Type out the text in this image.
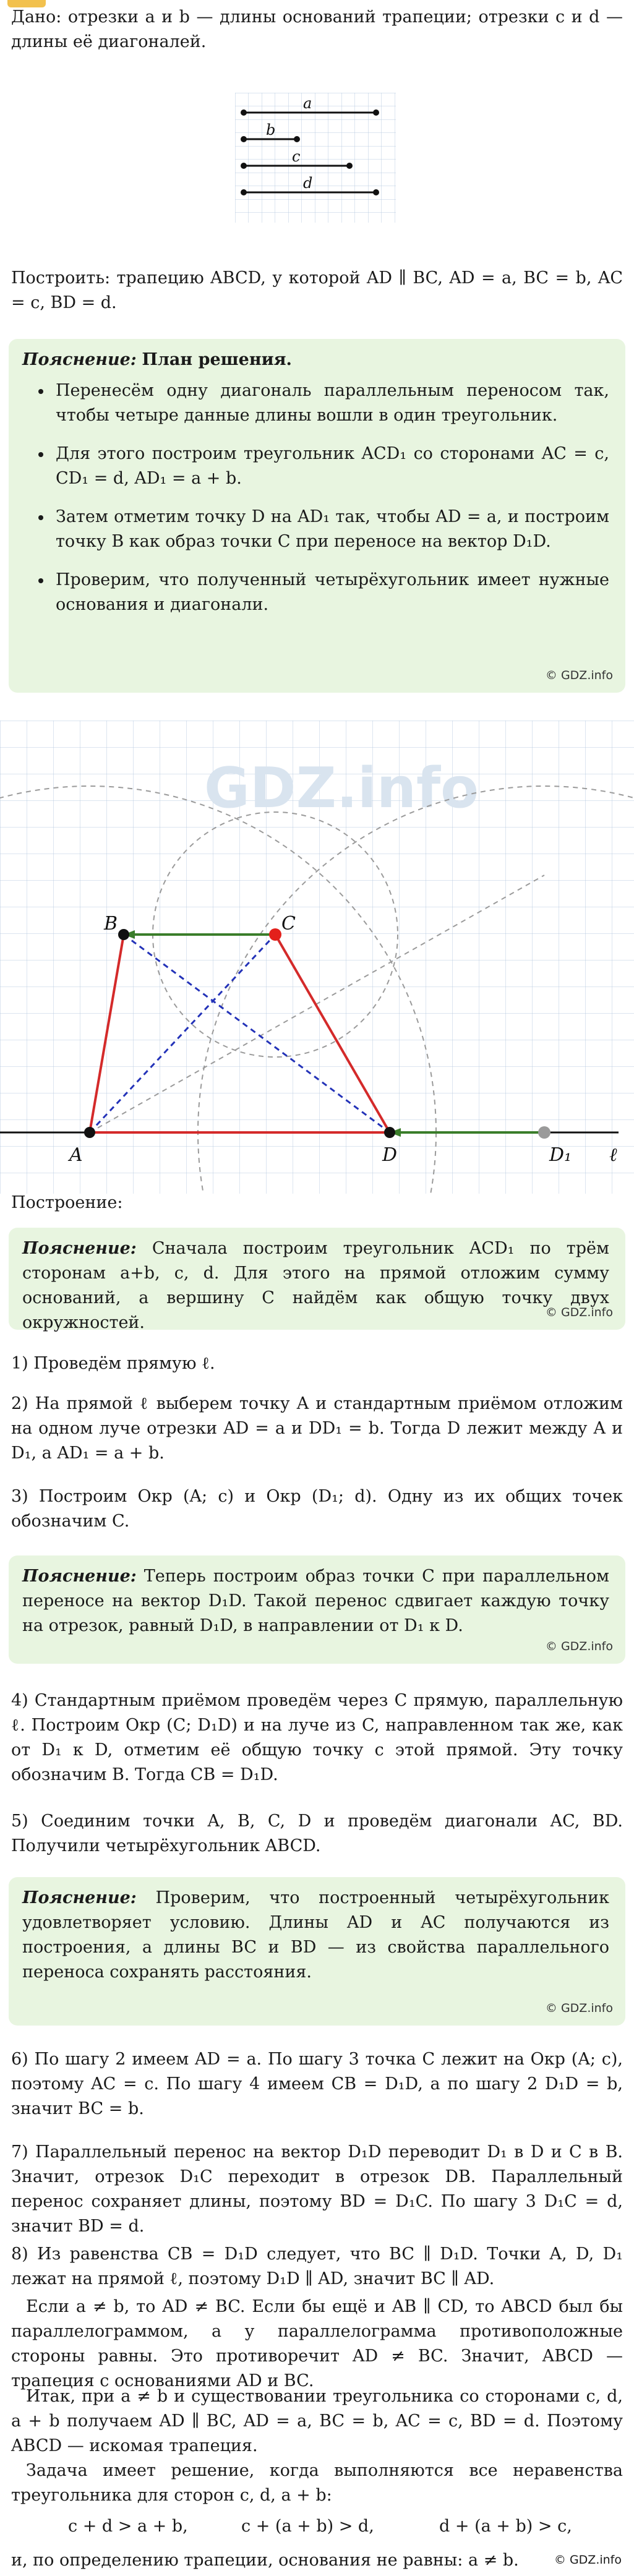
Дано: отрезки a и b — длины оснований трапеции; отрезки c и d — длины её диагоналей.
a
b
c
d
Построить: трапецию ABCD, у которой AD ∥ BC, AD = a, BC = b, AC = c, BD = d.
Пояснение: План решения.
• Перенесём одну диагональ параллельным переносом так, чтобы четыре данные длины вошли в один треугольник.
• Для этого построим треугольник ACD₁ со сторонами AC = c, CD₁ = d, AD₁ = a + b.
• Затем отметим точку D на AD₁ так, чтобы AD = a, и построим точку B как образ точки C при переносе на вектор D₁D.
• Проверим, что полученный четырёхугольник имеет нужные основания и диагонали.
© GDZ.info
GDZ.info
A
B	C
D	D₁ ℓ
Построение:
Пояснение: Сначала построим треугольник ACD₁ по трём сторонам a+b, c, d. Для этого на прямой отложим сумму оснований, а вершину C найдём как общую точку двух окружностей.
© GDZ.info
1) Проведём прямую ℓ.
2) На прямой ℓ выберем точку A и стандартным приёмом отложим на одном луче отрезки AD = a и DD₁ = b. Тогда D лежит между A и D₁, а AD₁ = a + b.
3) Построим Окр (A; c) и Окр (D₁; d). Одну из их общих точек обозначим C.
Пояснение: Теперь построим образ точки C при параллельном переносе на вектор D₁D. Такой перенос сдвигает каждую точку на отрезок, равный D₁D, в направлении от D₁ к D.
© GDZ.info
4) Стандартным приёмом проведём через C прямую, параллельную ℓ. Построим Окр (C; D₁D) и на луче из C, направленном так же, как от D₁ к D, отметим её общую точку с этой прямой. Эту точку обозначим B. Тогда CB = D₁D.
5) Соединим точки A, B, C, D и проведём диагонали AC, BD. Получили четырёхугольник ABCD.
Пояснение: Проверим, что построенный четырёхугольник удовлетворяет условию. Длины AD и AC получаются из построения, а длины BC и BD — из свойства параллельного переноса сохранять расстояния.
© GDZ.info
6) По шагу 2 имеем AD = a. По шагу 3 точка C лежит на Окр (A; c), поэтому AC = c. По шагу 4 имеем CB = D₁D, а по шагу 2 D₁D = b, значит BC = b.
7) Параллельный перенос на вектор D₁D переводит D₁ в D и C в B. Значит, отрезок D₁C переходит в отрезок DB. Параллельный перенос сохраняет длины, поэтому BD = D₁C. По шагу 3 D₁C = d, значит BD = d.
8) Из равенства CB = D₁D следует, что BC ∥ D₁D. Точки A, D, D₁ лежат на прямой ℓ, поэтому D₁D ∥ AD, значит BC ∥ AD.
Если a ≠ b, то AD ≠ BC. Если бы ещё и AB ∥ CD, то ABCD был бы параллелограммом, а у параллелограмма противоположные стороны равны. Это противоречит AD ≠ BC. Значит, ABCD — трапеция с основаниями AD и BC.
Итак, при a ≠ b и существовании треугольника со сторонами c, d, a + b получаем AD ∥ BC, AD = a, BC = b, AC = c, BD = d. Поэтому ABCD — искомая трапеция.
Задача имеет решение, когда выполняются все неравенства треугольника для сторон c, d, a + b:
c + d > a + b,	c + (a + b) > d,	d + (a + b) > c,
и, по определению трапеции, основания не равны: a ≠ b.	© GDZ.info
